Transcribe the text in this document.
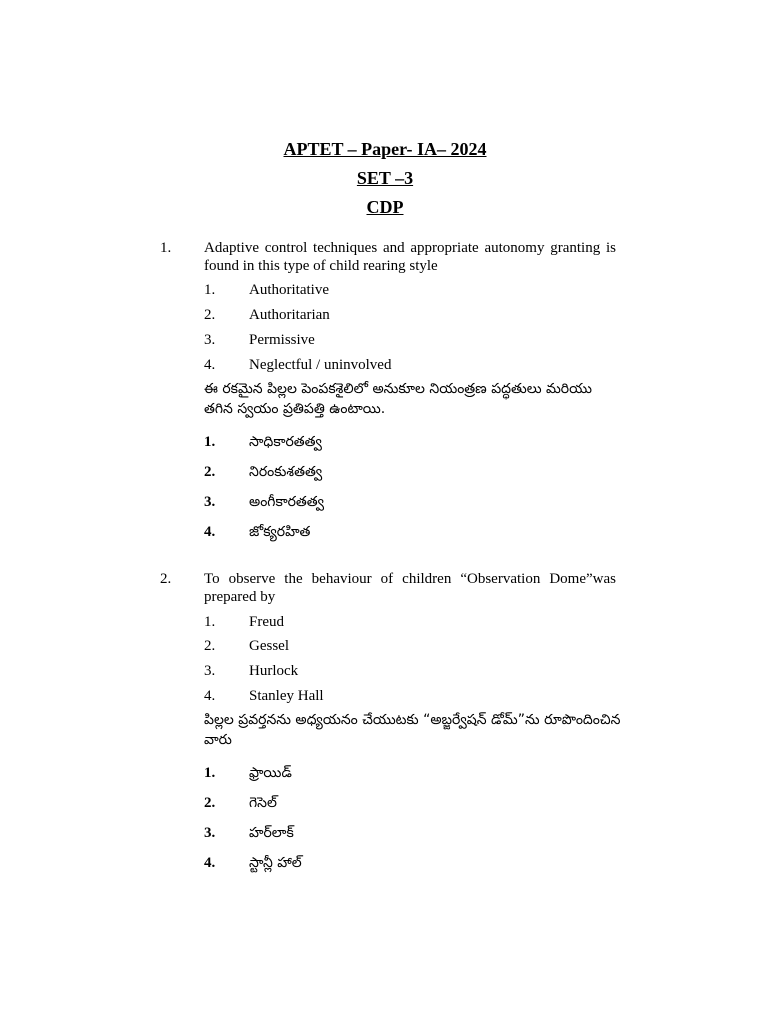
APTET – Paper- IA– 2024
SET –3
CDP
1. Adaptive control techniques and appropriate autonomy granting is found in this type of child rearing style
1. Authoritative
2. Authoritarian
3. Permissive
4. Neglectful / uninvolved
ఈ రకమైన పిల్లల పెంపకశైలిలో అనుకూల నియంత్రణ పద్ధతులు మరియు తగిన స్వయం ప్రతిపత్తి ఉంటాయి.
1. సాధికారతత్వ
2. నిరంకుశతత్వ
3. అంగీకారతత్వ
4. జోక్యరహిత
2. To observe the behaviour of children “Observation Dome”was prepared by
1. Freud
2. Gessel
3. Hurlock
4. Stanley Hall
పిల్లల ప్రవర్తనను అధ్యయనం చేయుటకు “అబ్జర్వేషన్ డోమ్”ను రూపొందించిన వారు
1. ఫ్రాయిడ్
2. గెసెల్
3. హర్‌లాక్
4. స్టాన్లీ హాల్
